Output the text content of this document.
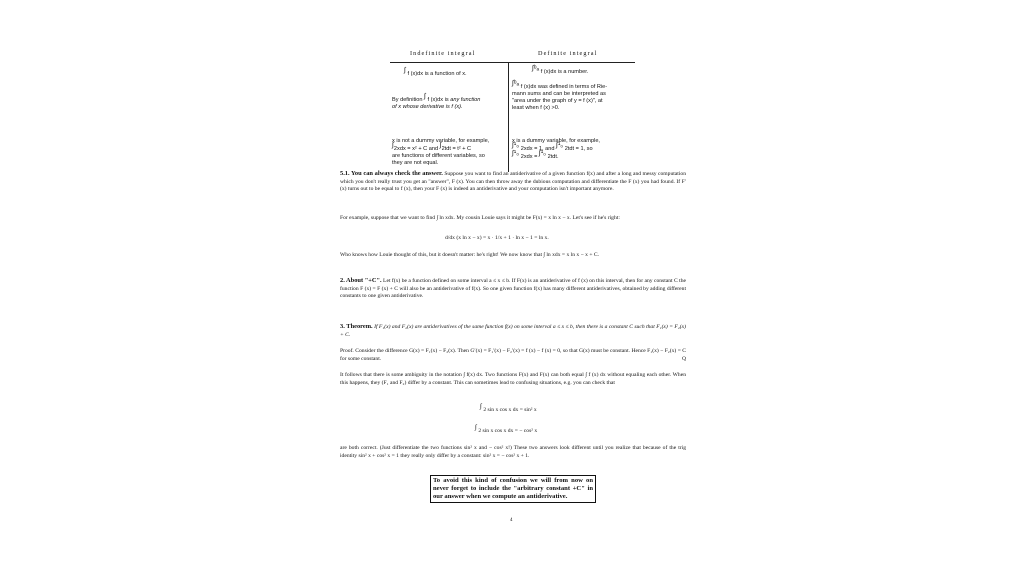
Indefinite integral	Definite integral
∫ f (x)dx is a function of x.
∫ᵇₐ f (x)dx is a number.
∫ᵇₐ f (x)dx was defined in terms of Rie-
mann sums and can be interpreted as
"area under the graph of y = f (x)", at
least when f (x) >0.
By definition ∫ f (x)dx is any function
of x whose derivative is f (x).
x is not a dummy variable, for example,
∫2xdx = x² + C and ∫2tdt = t² + C
are functions of different variables, so
they are not equal.
x is a dummy variable, for example,
∫¹₀ 2xdx = 1, and ∫¹₀ 2tdt = 1, so
∫¹₀ 2xdx = ∫¹₀ 2tdt.
5.1. You can always check the answer. Suppose you want to find an antiderivative of a given function f(x) and after a long and messy computation which you don't really trust you get an "answer", F (x). You can then throw away the dubious computation and differentiate the F (x) you had found. If F′(x) turns out to be equal to f (x), then your F (x) is indeed an antiderivative and your computation isn't important anymore.
For example, suppose that we want to find ∫ ln xdx. My cousin Louie says it might be F(x) = x ln x − x. Let's see if he's right:
d/dx (x ln x − x) = x · 1/x + 1 · ln x − 1 = ln x.
Who knows how Louie thought of this, but it doesn't matter: he's right! We now know that ∫ ln xdx = x ln x − x + C.
2. About "+C". Let f(x) be a function defined on some interval a ≤ x ≤ b. If F(x) is an antiderivative of f (x) on this interval, then for any constant C the function F (x) = F (x) + C will also be an antiderivative of f(x). So one given function f(x) has many different antiderivatives, obtained by adding different constants to one given antiderivative.
3. Theorem. If F₁(x) and F₂(x) are antiderivatives of the same function f(x) on some interval a ≤ x ≤ b, then there is a constant C such that F₁(x) = F₂(x) + C.
Proof. Consider the difference G(x) = F₁(x) − F₂(x). Then G′(x) = F₁′(x) − F₂′(x) = f (x) − f (x) = 0, so that G(x) must be constant. Hence F₁(x) − F₂(x) = C for some constant.	Q
It follows that there is some ambiguity in the notation ∫ f(x) dx. Two functions F(x) and F(x) can both equal ∫ f (x) dx without equaling each other. When this happens, they (F₁ and F₂) differ by a constant. This can sometimes lead to confusing situations, e.g. you can check that
∫ 2 sin x cos x dx = sin² x
∫ 2 sin x cos x dx = − cos² x
are both correct. (Just differentiate the two functions sin² x and − cos² x!) These two answers look different until you realize that because of the trig identity sin² x + cos² x = 1 they really only differ by a constant: sin² x = − cos² x + 1.
To avoid this kind of confusion we will from now on never forget to include the "arbitrary constant +C" in our answer when we compute an antiderivative.
4
